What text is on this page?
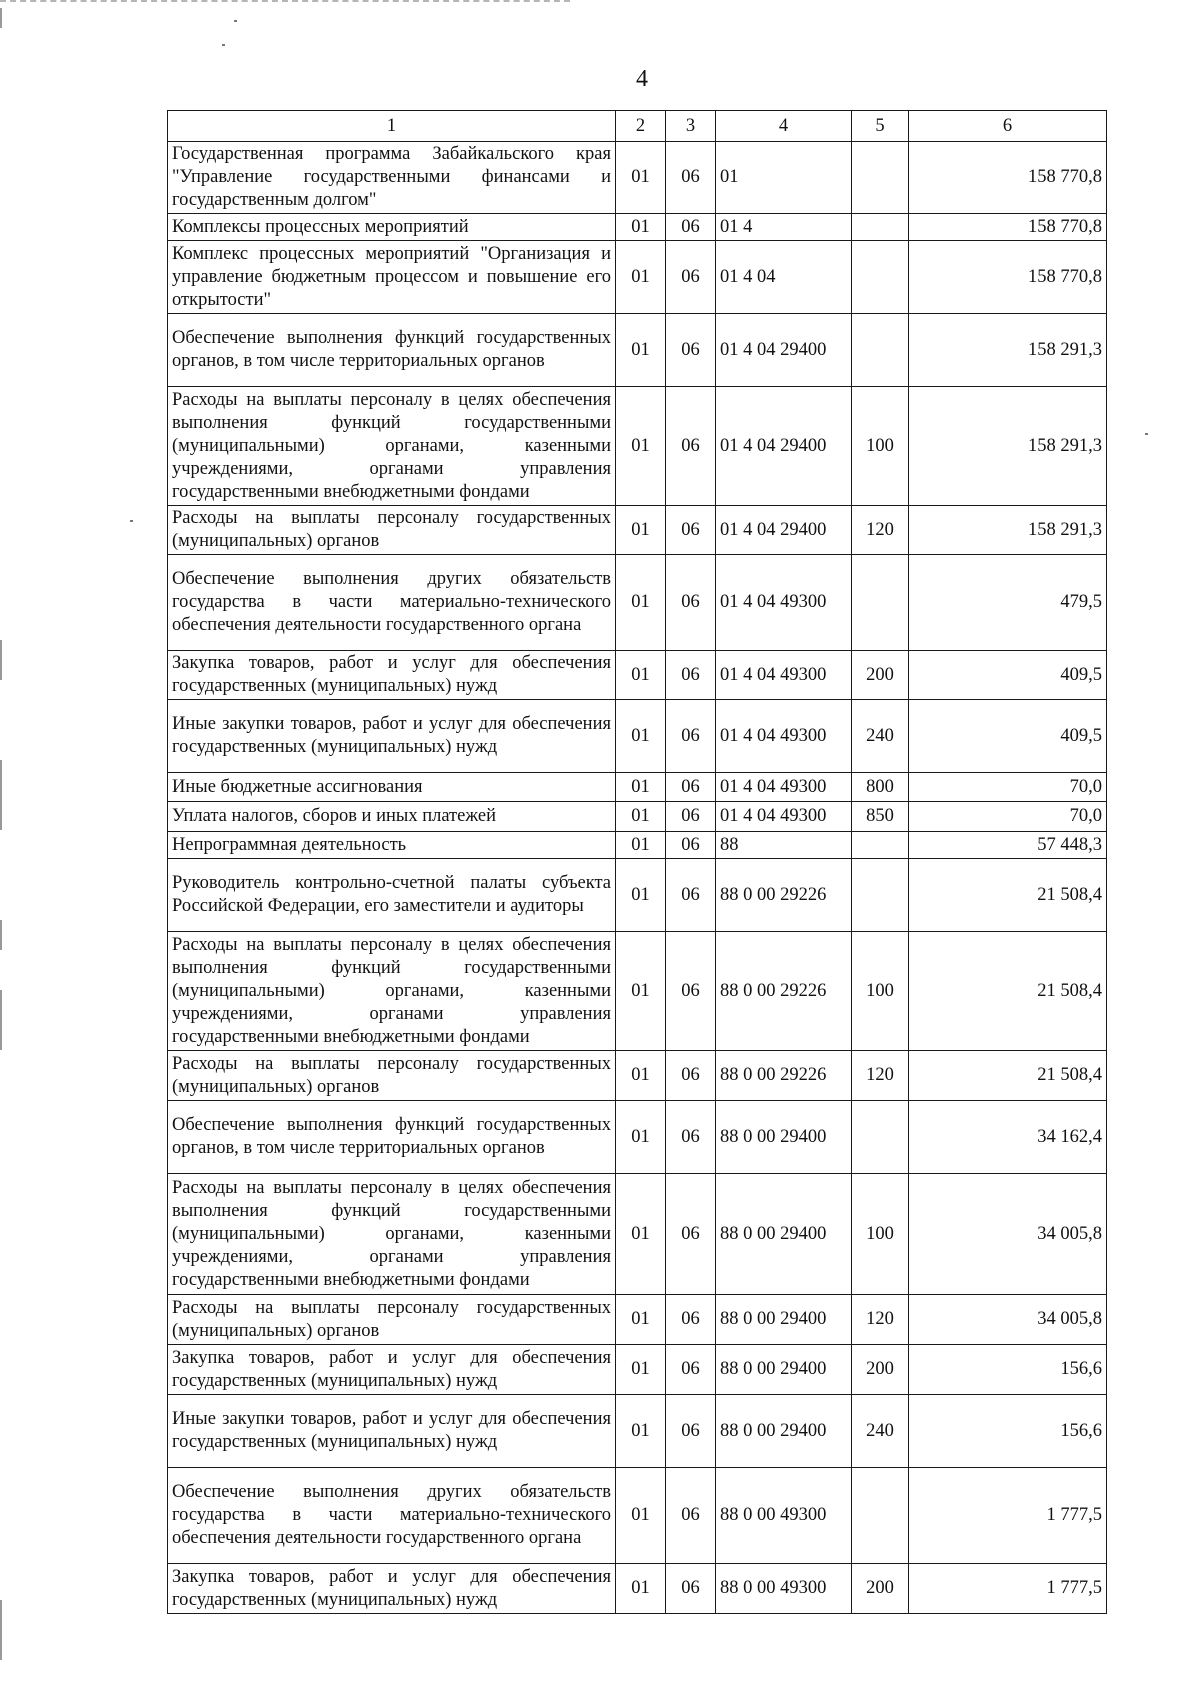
4
1	2	3	4	5	6
Государственная программа Забайкальского края "Управление государственными финансами и государственным долгом"	01	06	01		158 770,8
Комплексы процессных мероприятий	01	06	01 4		158 770,8
Комплекс процессных мероприятий "Организация и управление бюджетным процессом и повышение его открытости"	01	06	01 4 04		158 770,8
Обеспечение выполнения функций государственных органов, в том числе территориальных органов	01	06	01 4 04 29400		158 291,3
Расходы на выплаты персоналу в целях обеспечения выполнения функций государственными (муниципальными) органами, казенными учреждениями, органами управления государственными внебюджетными фондами	01	06	01 4 04 29400	100	158 291,3
Расходы на выплаты персоналу государственных (муниципальных) органов	01	06	01 4 04 29400	120	158 291,3
Обеспечение выполнения других обязательств государства в части материально-технического обеспечения деятельности государственного органа	01	06	01 4 04 49300		479,5
Закупка товаров, работ и услуг для обеспечения государственных (муниципальных) нужд	01	06	01 4 04 49300	200	409,5
Иные закупки товаров, работ и услуг для обеспечения государственных (муниципальных) нужд	01	06	01 4 04 49300	240	409,5
Иные бюджетные ассигнования	01	06	01 4 04 49300	800	70,0
Уплата налогов, сборов и иных платежей	01	06	01 4 04 49300	850	70,0
Непрограммная деятельность	01	06	88		57 448,3
Руководитель контрольно-счетной палаты субъекта Российской Федерации, его заместители и аудиторы	01	06	88 0 00 29226		21 508,4
Расходы на выплаты персоналу в целях обеспечения выполнения функций государственными (муниципальными) органами, казенными учреждениями, органами управления государственными внебюджетными фондами	01	06	88 0 00 29226	100	21 508,4
Расходы на выплаты персоналу государственных (муниципальных) органов	01	06	88 0 00 29226	120	21 508,4
Обеспечение выполнения функций государственных органов, в том числе территориальных органов	01	06	88 0 00 29400		34 162,4
Расходы на выплаты персоналу в целях обеспечения выполнения функций государственными (муниципальными) органами, казенными учреждениями, органами управления государственными внебюджетными фондами	01	06	88 0 00 29400	100	34 005,8
Расходы на выплаты персоналу государственных (муниципальных) органов	01	06	88 0 00 29400	120	34 005,8
Закупка товаров, работ и услуг для обеспечения государственных (муниципальных) нужд	01	06	88 0 00 29400	200	156,6
Иные закупки товаров, работ и услуг для обеспечения государственных (муниципальных) нужд	01	06	88 0 00 29400	240	156,6
Обеспечение выполнения других обязательств государства в части материально-технического обеспечения деятельности государственного органа	01	06	88 0 00 49300		1 777,5
Закупка товаров, работ и услуг для обеспечения государственных (муниципальных) нужд	01	06	88 0 00 49300	200	1 777,5
